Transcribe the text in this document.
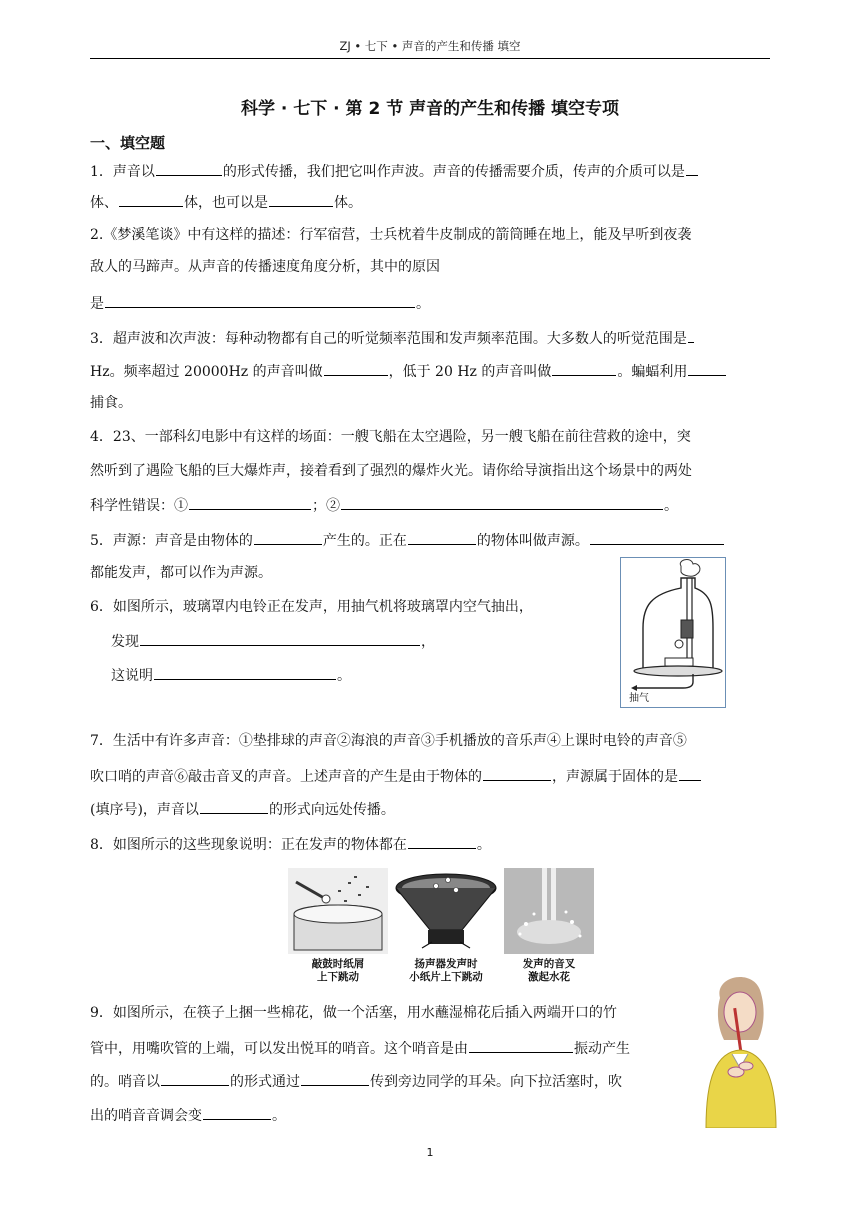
ZJ • 七下 • 声音的产生和传播 填空
科学 · 七下 · 第 2 节 声音的产生和传播 填空专项
一、填空题
1．声音以	的形式传播，我们把它叫作声波。声音的传播需要介质，传声的介质可以是
体、	体，也可以是	体。
2.《梦溪笔谈》中有这样的描述：行军宿营，士兵枕着牛皮制成的箭筒睡在地上，能及早听到夜袭
敌人的马蹄声。从声音的传播速度角度分析，其中的原因
是	。
3．超声波和次声波：每种动物都有自己的听觉频率范围和发声频率范围。大多数人的听觉范围是
Hz。频率超过 20000Hz 的声音叫做	，低于 20 Hz 的声音叫做	。蝙蝠利用
捕食。
4．23、一部科幻电影中有这样的场面：一艘飞船在太空遇险，另一艘飞船在前往营救的途中，突
然听到了遇险飞船的巨大爆炸声，接着看到了强烈的爆炸火光。请你给导演指出这个场景中的两处
科学性错误：①	；②	。
5．声源：声音是由物体的	产生的。正在	的物体叫做声源。
都能发声，都可以作为声源。
6．如图所示，玻璃罩内电铃正在发声，用抽气机将玻璃罩内空气抽出，
发现	，
这说明	。
抽气
7．生活中有许多声音：①垫排球的声音②海浪的声音③手机播放的音乐声④上课时电铃的声音⑤
吹口哨的声音⑥敲击音叉的声音。上述声音的产生是由于物体的	，声源属于固体的是
(填序号)，声音以	的形式向远处传播。
8．如图所示的这些现象说明：正在发声的物体都在	。
敲鼓时纸屑
上下跳动
扬声器发声时
小纸片上下跳动
发声的音叉
激起水花
9．如图所示，在筷子上捆一些棉花，做一个活塞，用水蘸湿棉花后插入两端开口的竹
管中，用嘴吹管的上端，可以发出悦耳的哨音。这个哨音是由	振动产生
的。哨音以	的形式通过	传到旁边同学的耳朵。向下拉活塞时，吹
出的哨音音调会变	。
1
